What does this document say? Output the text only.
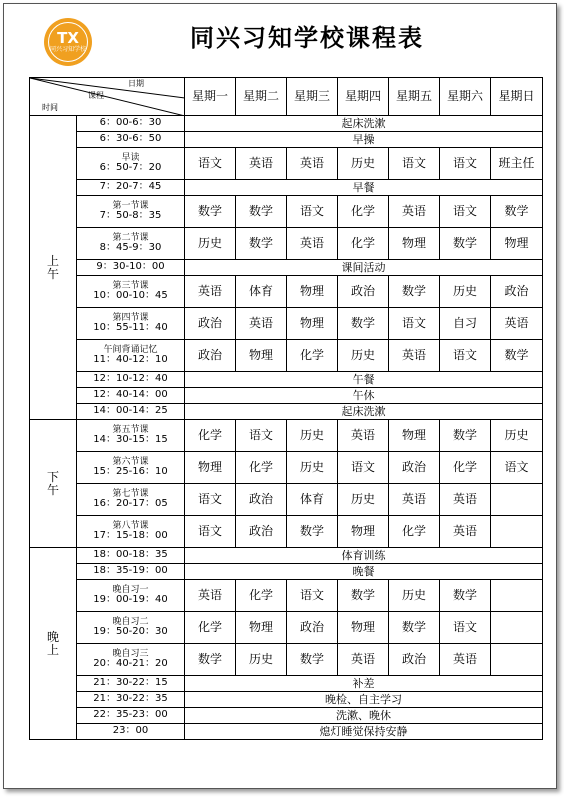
TX
同兴习知学校	同兴习知学校课程表
日期
课程
时间		星期一	星期二	星期三	星期四	星期五	星期六	星期日
上午	6：00-6：30	起床洗漱						

	6：30-6：50	早操						

	早读
6：50-7：20	语文	英语	英语	历史	语文	语文	班主任

	7：20-7：45	早餐						

	第一节课
7：50-8：35	数学	数学	语文	化学	英语	语文	数学

	第二节课
8：45-9：30	历史	数学	英语	化学	物理	数学	物理

	9：30-10：00	课间活动						

	第三节课
10：00-10：45	英语	体育	物理	政治	数学	历史	政治

	第四节课
10：55-11：40	政治	英语	物理	数学	语文	自习	英语

	午间背诵记忆
11：40-12：10	政治	物理	化学	历史	英语	语文	数学

	12：10-12：40	午餐						

	12：40-14：00	午休						

	14：00-14：25	起床洗漱						
下午	第五节课
14：30-15：15	化学	语文	历史	英语	物理	数学	历史

	第六节课
15：25-16：10	物理	化学	历史	语文	政治	化学	语文

	第七节课
16：20-17：05	语文	政治	体育	历史	英语	英语	

	第八节课
17：15-18：00	语文	政治	数学	物理	化学	英语	
晚上	18：00-18：35	体育训练						

	18：35-19：00	晚餐						

	晚自习一
19：00-19：40	英语	化学	语文	数学	历史	数学	

	晚自习二
19：50-20：30	化学	物理	政治	物理	数学	语文	

	晚自习三
20：40-21：20	数学	历史	数学	英语	政治	英语	

	21：30-22：15	补差						

	21：30-22：35	晚检、自主学习						

	22：35-23：00	洗漱、晚休						

	23：00	熄灯睡觉保持安静						
